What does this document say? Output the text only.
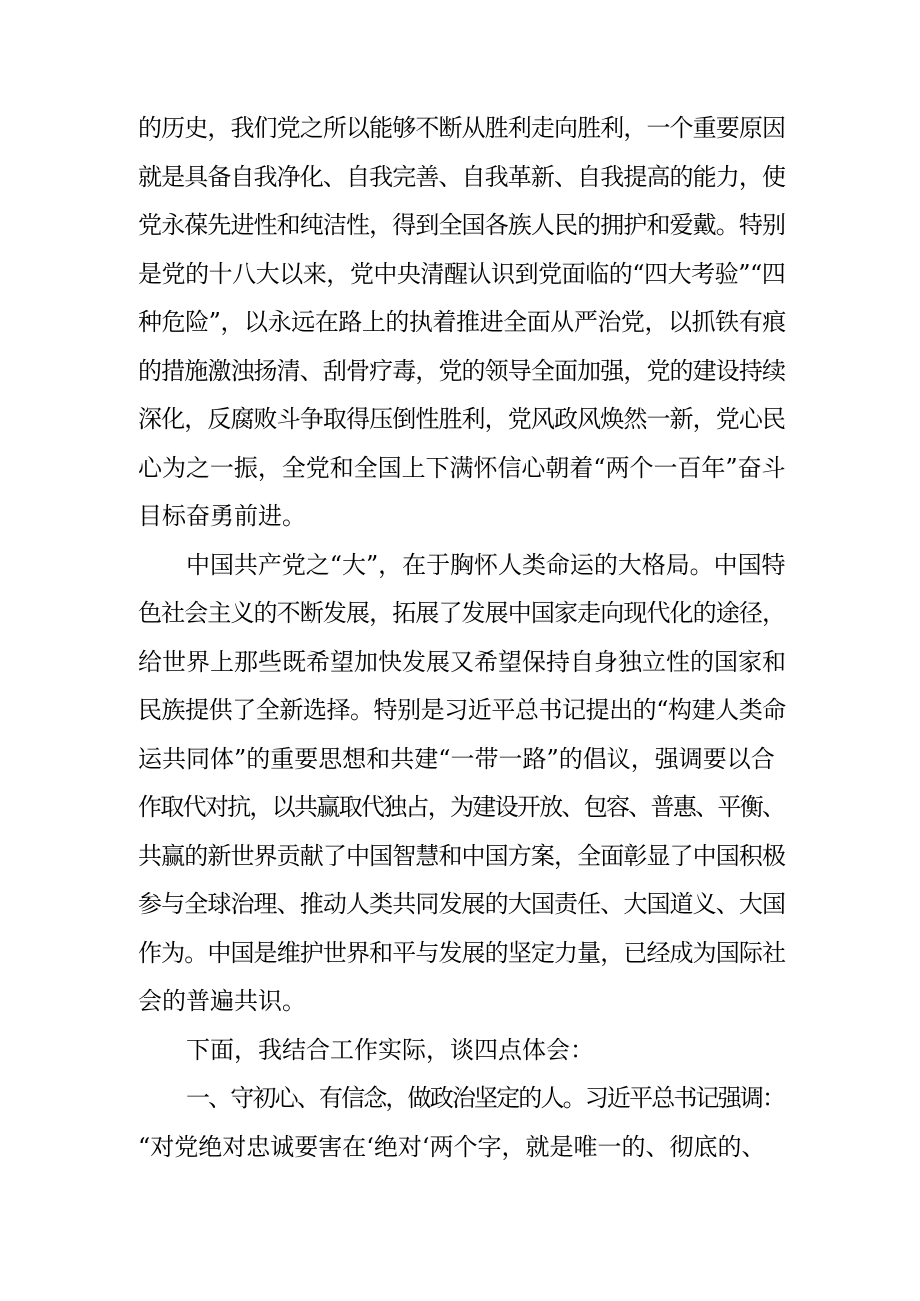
的历史，我们党之所以能够不断从胜利走向胜利，一个重要原因
就是具备自我净化、自我完善、自我革新、自我提高的能力，使
党永葆先进性和纯洁性，得到全国各族人民的拥护和爱戴。特别
是党的十八大以来，党中央清醒认识到党面临的“四大考验”“四
种危险”，以永远在路上的执着推进全面从严治党，以抓铁有痕
的措施激浊扬清、刮骨疗毒，党的领导全面加强，党的建设持续
深化，反腐败斗争取得压倒性胜利，党风政风焕然一新，党心民
心为之一振，全党和全国上下满怀信心朝着“两个一百年”奋斗
目标奋勇前进。
中国共产党之“大”，在于胸怀人类命运的大格局。中国特
色社会主义的不断发展，拓展了发展中国家走向现代化的途径，
给世界上那些既希望加快发展又希望保持自身独立性的国家和
民族提供了全新选择。特别是习近平总书记提出的“构建人类命
运共同体”的重要思想和共建“一带一路”的倡议，强调要以合
作取代对抗，以共赢取代独占，为建设开放、包容、普惠、平衡、
共赢的新世界贡献了中国智慧和中国方案，全面彰显了中国积极
参与全球治理、推动人类共同发展的大国责任、大国道义、大国
作为。中国是维护世界和平与发展的坚定力量，已经成为国际社
会的普遍共识。
下面，我结合工作实际，谈四点体会：
一、守初心、有信念，做政治坚定的人。习近平总书记强调：
“对党绝对忠诚要害在‘绝对‘两个字，就是唯一的、彻底的、
